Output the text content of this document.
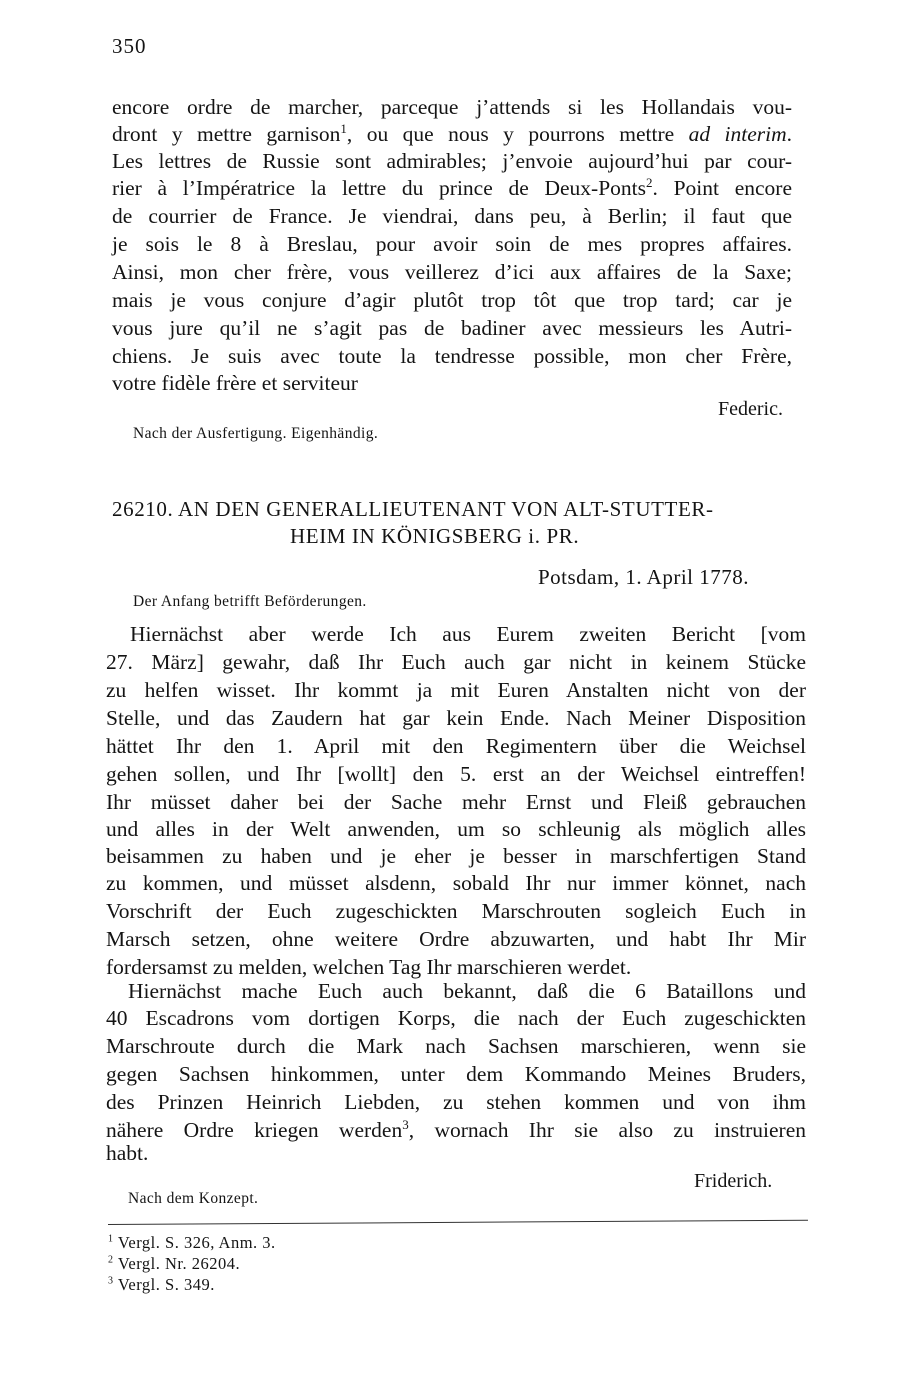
350
encore ordre de marcher, parceque j’attends si les Hollandais vou-
dront y mettre garnison$^1$, ou que nous y pourrons mettre ad interim.
Les lettres de Russie sont admirables; j’envoie aujourd’hui par cour-
rier à l’Impératrice la lettre du prince de Deux-Ponts$^2$. Point encore
de courrier de France. Je viendrai, dans peu, à Berlin; il faut que
je sois le 8 à Breslau, pour avoir soin de mes propres affaires.
Ainsi, mon cher frère, vous veillerez d’ici aux affaires de la Saxe;
mais je vous conjure d’agir plutôt trop tôt que trop tard; car je
vous jure qu’il ne s’agit pas de badiner avec messieurs les Autri-
chiens. Je suis avec toute la tendresse possible, mon cher Frère,
votre fidèle frère et serviteur
Federic.
Nach der Ausfertigung. Eigenhändig.
26210. AN DEN GENERALLIEUTENANT VON ALT-STUTTER-
HEIM IN KÖNIGSBERG i. PR.
Potsdam, 1. April 1778.
Der Anfang betrifft Beförderungen.
Hiernächst aber werde Ich aus Eurem zweiten Bericht [vom
27. März] gewahr, daß Ihr Euch auch gar nicht in keinem Stücke
zu helfen wisset. Ihr kommt ja mit Euren Anstalten nicht von der
Stelle, und das Zaudern hat gar kein Ende. Nach Meiner Disposition
hättet Ihr den 1. April mit den Regimentern über die Weichsel
gehen sollen, und Ihr [wollt] den 5. erst an der Weichsel eintreffen!
Ihr müsset daher bei der Sache mehr Ernst und Fleiß gebrauchen
und alles in der Welt anwenden, um so schleunig als möglich alles
beisammen zu haben und je eher je besser in marschfertigen Stand
zu kommen, und müsset alsdenn, sobald Ihr nur immer könnet, nach
Vorschrift der Euch zugeschickten Marschrouten sogleich Euch in
Marsch setzen, ohne weitere Ordre abzuwarten, und habt Ihr Mir
fordersamst zu melden, welchen Tag Ihr marschieren werdet.
Hiernächst mache Euch auch bekannt, daß die 6 Bataillons und
40 Escadrons vom dortigen Korps, die nach der Euch zugeschickten
Marschroute durch die Mark nach Sachsen marschieren, wenn sie
gegen Sachsen hinkommen, unter dem Kommando Meines Bruders,
des Prinzen Heinrich Liebden, zu stehen kommen und von ihm
nähere Ordre kriegen werden$^3$, wornach Ihr sie also zu instruieren
habt.
Friderich.
Nach dem Konzept.
$^1$ Vergl. S. 326, Anm. 3.
$^2$ Vergl. Nr. 26204.
$^3$ Vergl. S. 349.
